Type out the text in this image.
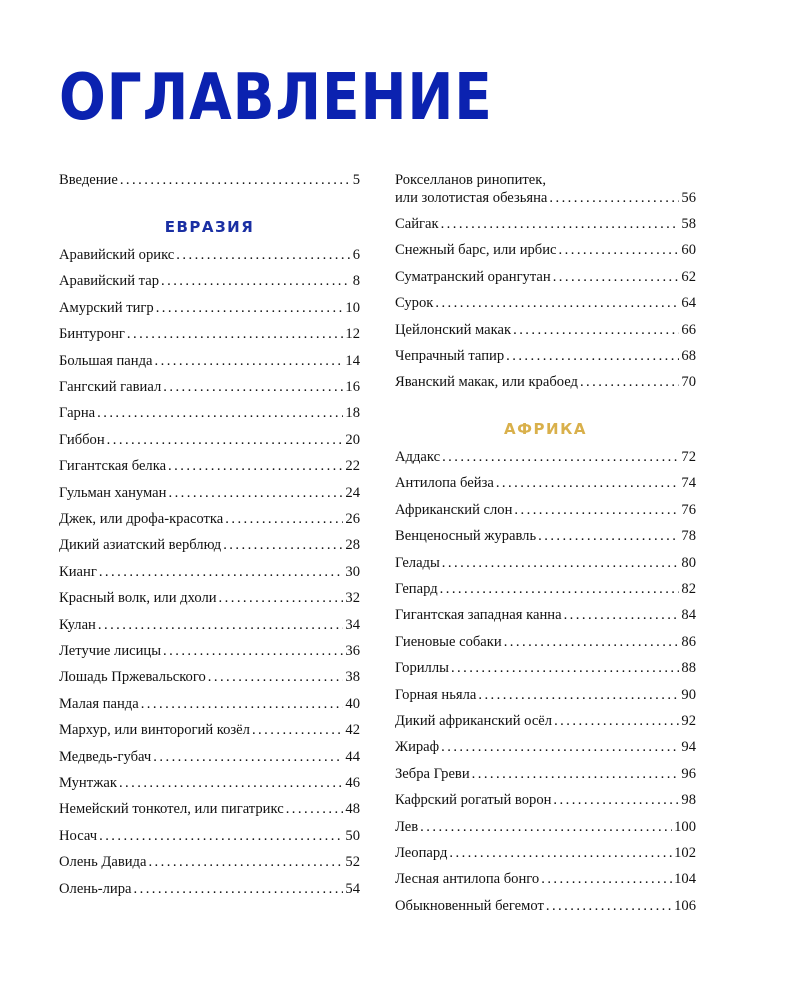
ОГЛАВЛЕНИЕ
Введение . . .	5
ЕВРАЗИЯ
Аравийский орикс . . .	6
Аравийский тар . . .	8
Амурский тигр . . .	10
Бинтуронг . . .	12
Большая панда . . .	14
Гангский гавиал . . .	16
Гарна . . .	18
Гиббон . . .	20
Гигантская белка . . .	22
Гульман хануман . . .	24
Джек, или дрофа-красотка . . .	26
Дикий азиатский верблюд . . .	28
Кианг . . .	30
Красный волк, или дхоли . . .	32
Кулан . . .	34
Летучие лисицы . . .	36
Лошадь Пржевальского . . .	38
Малая панда . . .	40
Мархур, или винторогий козёл . . .	42
Медведь-губач . . .	44
Мунтжак . . .	46
Немейский тонкотел, или пигатрикс . . .	48
Носач . . .	50
Олень Давида . . .	52
Олень-лира . . .	54
Рокселланов ринопитек,
или золотистая обезьяна . . .	56
Сайгак . . .	58
Снежный барс, или ирбис . . .	60
Суматранский орангутан . . .	62
Сурок . . .	64
Цейлонский макак . . .	66
Чепрачный тапир . . .	68
Яванский макак, или крабоед . . .	70
АФРИКА
Аддакс . . .	72
Антилопа бейза . . .	74
Африканский слон . . .	76
Венценосный журавль . . .	78
Гелады . . .	80
Гепард . . .	82
Гигантская западная канна . . .	84
Гиеновые собаки . . .	86
Гориллы . . .	88
Горная ньяла . . .	90
Дикий африканский осёл . . .	92
Жираф . . .	94
Зебра Греви . . .	96
Кафрский рогатый ворон . . .	98
Лев . . .	100
Леопард . . .	102
Лесная антилопа бонго . . .	104
Обыкновенный бегемот . . .	106
